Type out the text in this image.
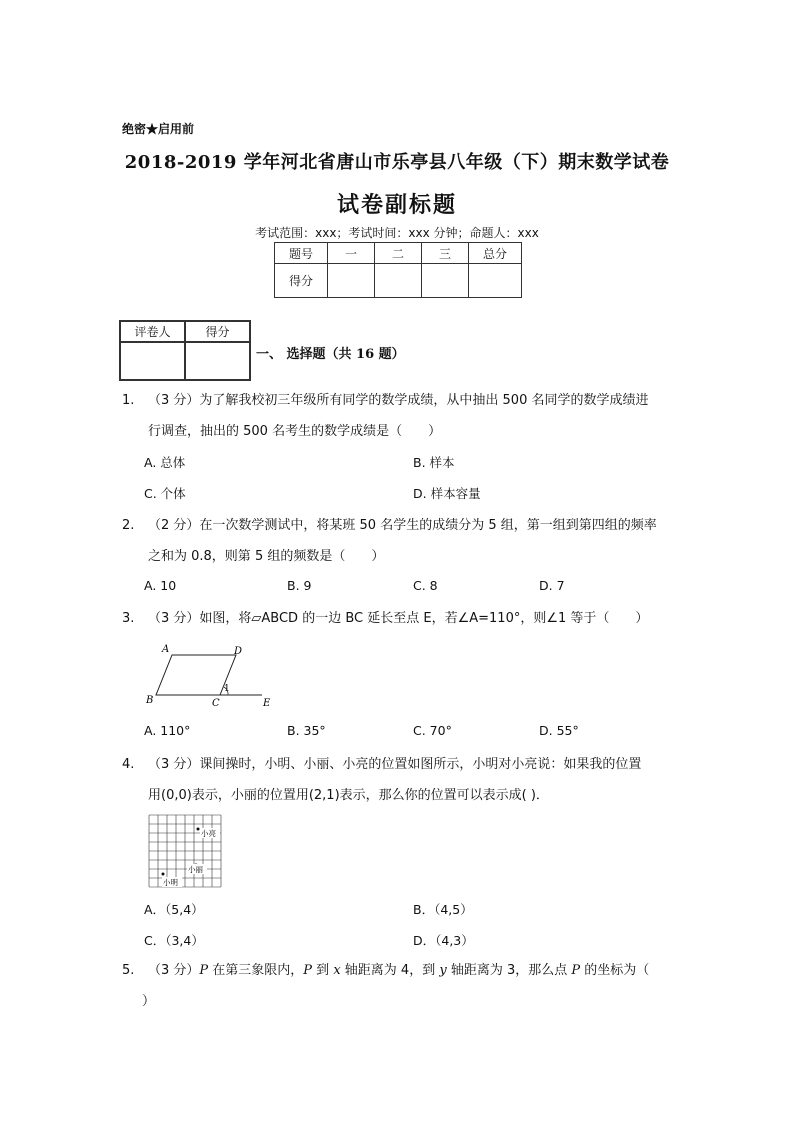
绝密★启用前
2018-2019 学年河北省唐山市乐亭县八年级（下）期末数学试卷
试卷副标题
考试范围：xxx；考试时间：xxx 分钟；命题人：xxx
题号	一	二	三	总分
得分				
评卷人	得分

一、 选择题（共 16 题）
1. （3 分）为了解我校初三年级所有同学的数学成绩，从中抽出 500 名同学的数学成绩进
行调查，抽出的 500 名考生的数学成绩是（　　）
A. 总体	B. 样本
C. 个体	D. 样本容量
2. （2 分）在一次数学测试中，将某班 50 名学生的成绩分为 5 组，第一组到第四组的频率
之和为 0.8，则第 5 组的频数是（　　）
A. 10	B. 9	C. 8	D. 7
3. （3 分）如图，将▱ABCD 的一边 BC 延长至点 E，若∠A=110°，则∠1 等于（　　）
A	D
B	C	E
1
A. 110°	B. 35°	C. 70°	D. 55°
4. （3 分）课间操时，小明、小丽、小亮的位置如图所示，小明对小亮说：如果我的位置
用(0,0)表示，小丽的位置用(2,1)表示，那么你的位置可以表示成( )．
小亮
小丽
小明
A．（5,4）	B．（4,5）
C．（3,4）	D．（4,3）
5. （3 分）P 在第三象限内，P 到 x 轴距离为 4，到 y 轴距离为 3，那么点 P 的坐标为（
）
